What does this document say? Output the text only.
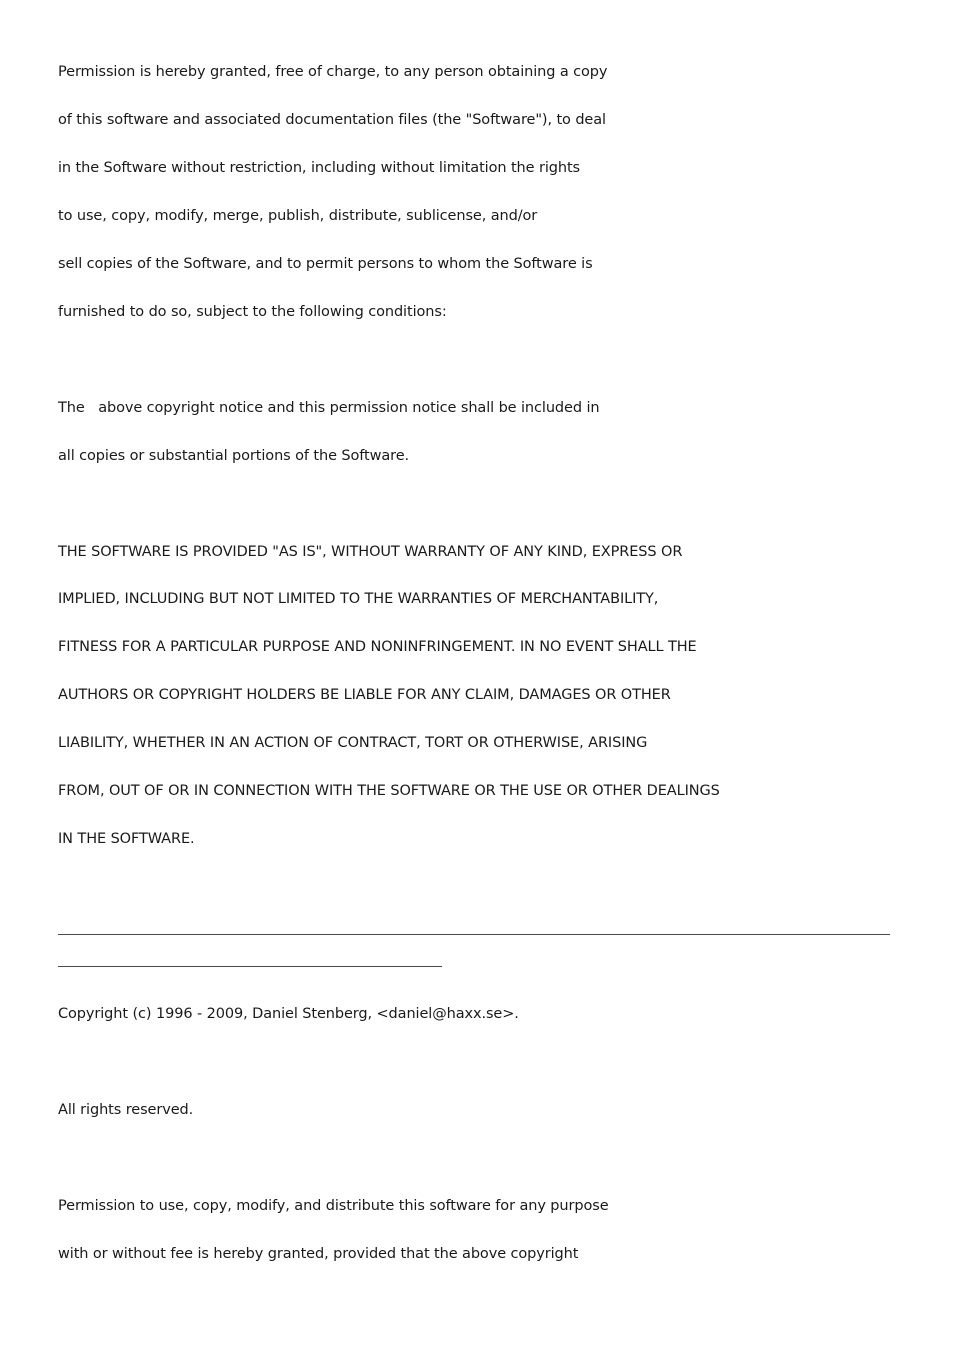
Permission is hereby granted, free of charge, to any person obtaining a copy
of this software and associated documentation files (the "Software"), to deal
in the Software without restriction, including without limitation the rights
to use, copy, modify, merge, publish, distribute, sublicense, and/or
sell copies of the Software, and to permit persons to whom the Software is
furnished to do so, subject to the following conditions:
The   above copyright notice and this permission notice shall be included in
all copies or substantial portions of the Software.
THE SOFTWARE IS PROVIDED "AS IS", WITHOUT WARRANTY OF ANY KIND, EXPRESS OR
IMPLIED, INCLUDING BUT NOT LIMITED TO THE WARRANTIES OF MERCHANTABILITY,
FITNESS FOR A PARTICULAR PURPOSE AND NONINFRINGEMENT. IN NO EVENT SHALL THE
AUTHORS OR COPYRIGHT HOLDERS BE LIABLE FOR ANY CLAIM, DAMAGES OR OTHER
LIABILITY, WHETHER IN AN ACTION OF CONTRACT, TORT OR OTHERWISE, ARISING
FROM, OUT OF OR IN CONNECTION WITH THE SOFTWARE OR THE USE OR OTHER DEALINGS
IN THE SOFTWARE.
Copyright (c) 1996 - 2009, Daniel Stenberg, <daniel@haxx.se>.
All rights reserved.
Permission to use, copy, modify, and distribute this software for any purpose
with or without fee is hereby granted, provided that the above copyright
